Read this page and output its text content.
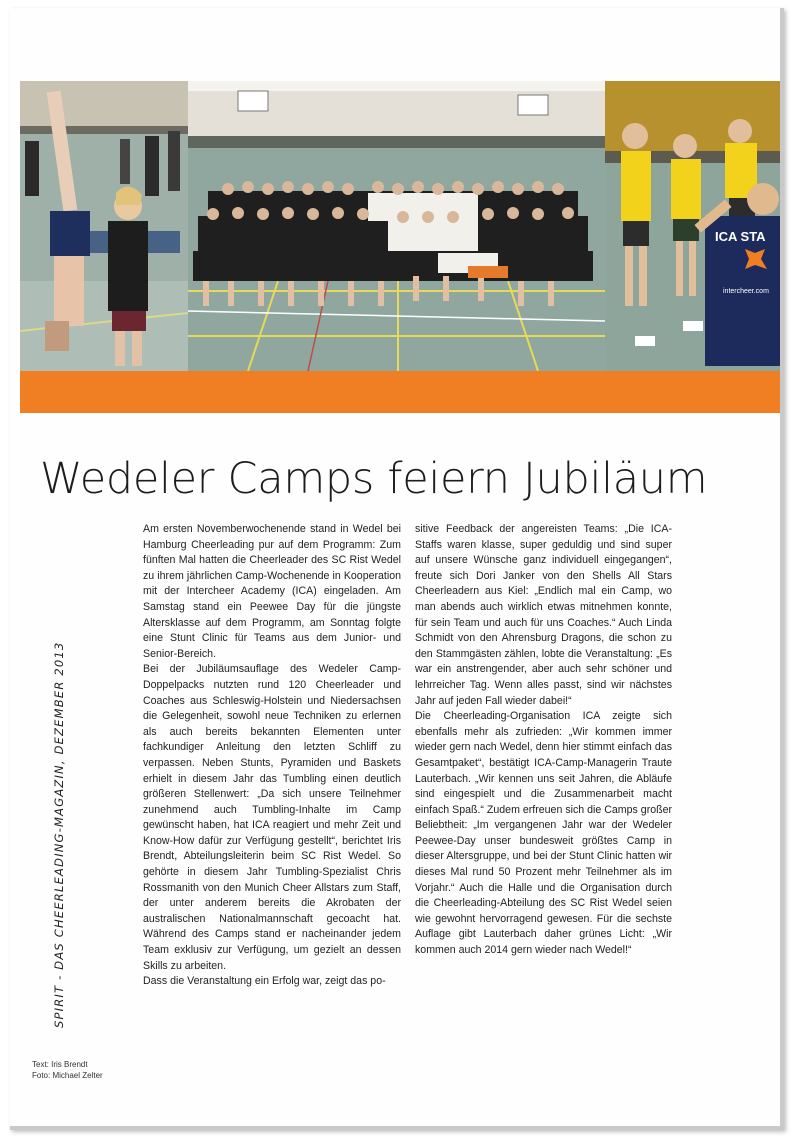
ICA STA
intercheer.com
Wedeler Camps feiern Jubiläum

Am ersten Novemberwochenende stand in Wedel bei Hamburg Cheerleading pur auf dem Programm: Zum fünften Mal hatten die Cheerleader des SC Rist Wedel zu ihrem jährlichen Camp-Wochenende in Kooperation mit der Intercheer Academy (ICA) eingeladen. Am Samstag stand ein Peewee Day für die jüngste Altersklasse auf dem Programm, am Sonntag folgte eine Stunt Clinic für Teams aus dem Junior- und Senior-Bereich.

Bei der Jubiläumsauflage des Wedeler Camp-Doppelpacks nutzten rund 120 Cheerleader und Coaches aus Schleswig-Holstein und Niedersachsen die Gelegenheit, sowohl neue Techniken zu erlernen als auch bereits bekannten Elementen unter fachkundiger Anleitung den letzten Schliff zu verpassen. Neben Stunts, Pyramiden und Baskets erhielt in diesem Jahr das Tumbling einen deutlich größeren Stellenwert: „Da sich unsere Teilnehmer zunehmend auch Tumbling-Inhalte im Camp gewünscht haben, hat ICA reagiert und mehr Zeit und Know-How dafür zur Verfügung gestellt“, berichtet Iris Brendt, Abteilungsleiterin beim SC Rist Wedel. So gehörte in diesem Jahr Tumbling-Spezialist Chris Rossmanith von den Munich Cheer Allstars zum Staff, der unter anderem bereits die Akrobaten der australischen Nationalmannschaft gecoacht hat. Während des Camps stand er nacheinander jedem Team exklusiv zur Verfügung, um gezielt an dessen Skills zu arbeiten.

Dass die Veranstaltung ein Erfolg war, zeigt das po-

sitive Feedback der angereisten Teams: „Die ICA-Staffs waren klasse, super geduldig und sind super auf unsere Wünsche ganz individuell eingegangen“, freute sich Dori Janker von den Shells All Stars Cheerleadern aus Kiel: „Endlich mal ein Camp, wo man abends auch wirklich etwas mitnehmen konnte, für sein Team und auch für uns Coaches.“ Auch Linda Schmidt von den Ahrensburg Dragons, die schon zu den Stammgästen zählen, lobte die Veranstaltung: „Es war ein anstrengender, aber auch sehr schöner und lehrreicher Tag. Wenn alles passt, sind wir nächstes Jahr auf jeden Fall wieder dabei!“

Die Cheerleading-Organisation ICA zeigte sich ebenfalls mehr als zufrieden: „Wir kommen immer wieder gern nach Wedel, denn hier stimmt einfach das Gesamtpaket“, bestätigt ICA-Camp-Managerin Traute Lauterbach. „Wir kennen uns seit Jahren, die Abläufe sind eingespielt und die Zusammenarbeit macht einfach Spaß.“ Zudem erfreuen sich die Camps großer Beliebtheit: „Im vergangenen Jahr war der Wedeler Peewee-Day unser bundesweit größtes Camp in dieser Altersgruppe, und bei der Stunt Clinic hatten wir dieses Mal rund 50 Prozent mehr Teilnehmer als im Vorjahr.“ Auch die Halle und die Organisation durch die Cheerleading-Abteilung des SC Rist Wedel seien wie gewohnt hervorragend gewesen. Für die sechste Auflage gibt Lauterbach daher grünes Licht: „Wir kommen auch 2014 gern wieder nach Wedel!“

SPIRIT - DAS CHEERLEADING-MAGAZIN, DEZEMBER 2013
Text: Iris Brendt
Foto: Michael Zelter
